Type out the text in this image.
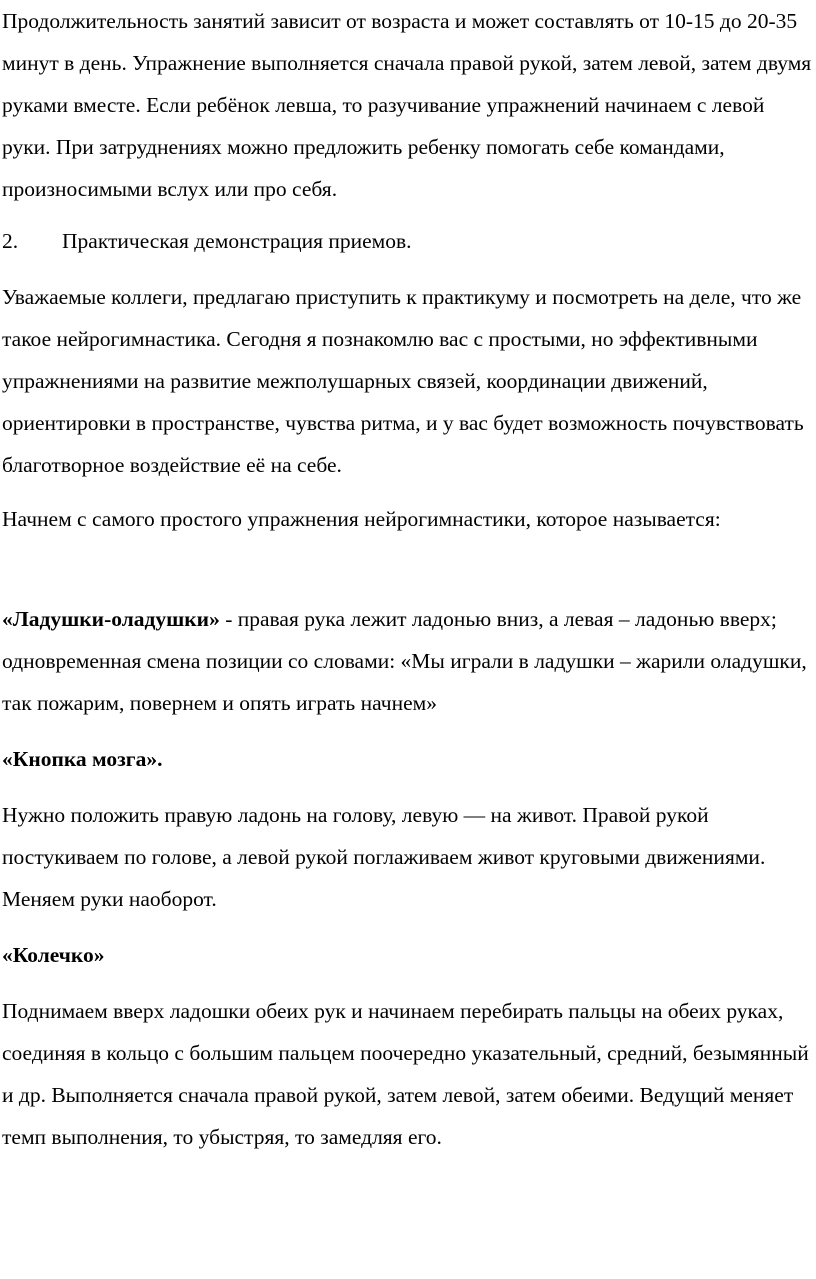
Продолжительность занятий зависит от возраста и может составлять от 10-15 до 20-35 минут в день. Упражнение выполняется сначала правой рукой, затем левой, затем двумя руками вместе. Если ребёнок левша, то разучивание упражнений начинаем с левой руки. При затруднениях можно предложить ребенку помогать себе командами, произносимыми вслух или про себя.

2. Практическая демонстрация приемов.

Уважаемые коллеги, предлагаю приступить к практикуму и посмотреть на деле, что же такое нейрогимнастика. Сегодня я познакомлю вас с простыми, но эффективными упражнениями на развитие межполушарных связей, координации движений, ориентировки в пространстве, чувства ритма, и у вас будет возможность почувствовать благотворное воздействие её на себе.

Начнем с самого простого упражнения нейрогимнастики, которое называется:

«Ладушки-оладушки» - правая рука лежит ладонью вниз, а левая – ладонью вверх; одновременная смена позиции со словами: «Мы играли в ладушки – жарили оладушки, так пожарим, повернем и опять играть начнем»

«Кнопка мозга».

Нужно положить правую ладонь на голову, левую — на живот. Правой рукой постукиваем по голове, а левой рукой поглаживаем живот круговыми движениями. Меняем руки наоборот.

«Колечко»

Поднимаем вверх ладошки обеих рук и начинаем перебирать пальцы на обеих руках, соединяя в кольцо с большим пальцем поочередно указательный, средний, безымянный и др. Выполняется сначала правой рукой, затем левой, затем обеими. Ведущий меняет темп выполнения, то убыстряя, то замедляя его.
